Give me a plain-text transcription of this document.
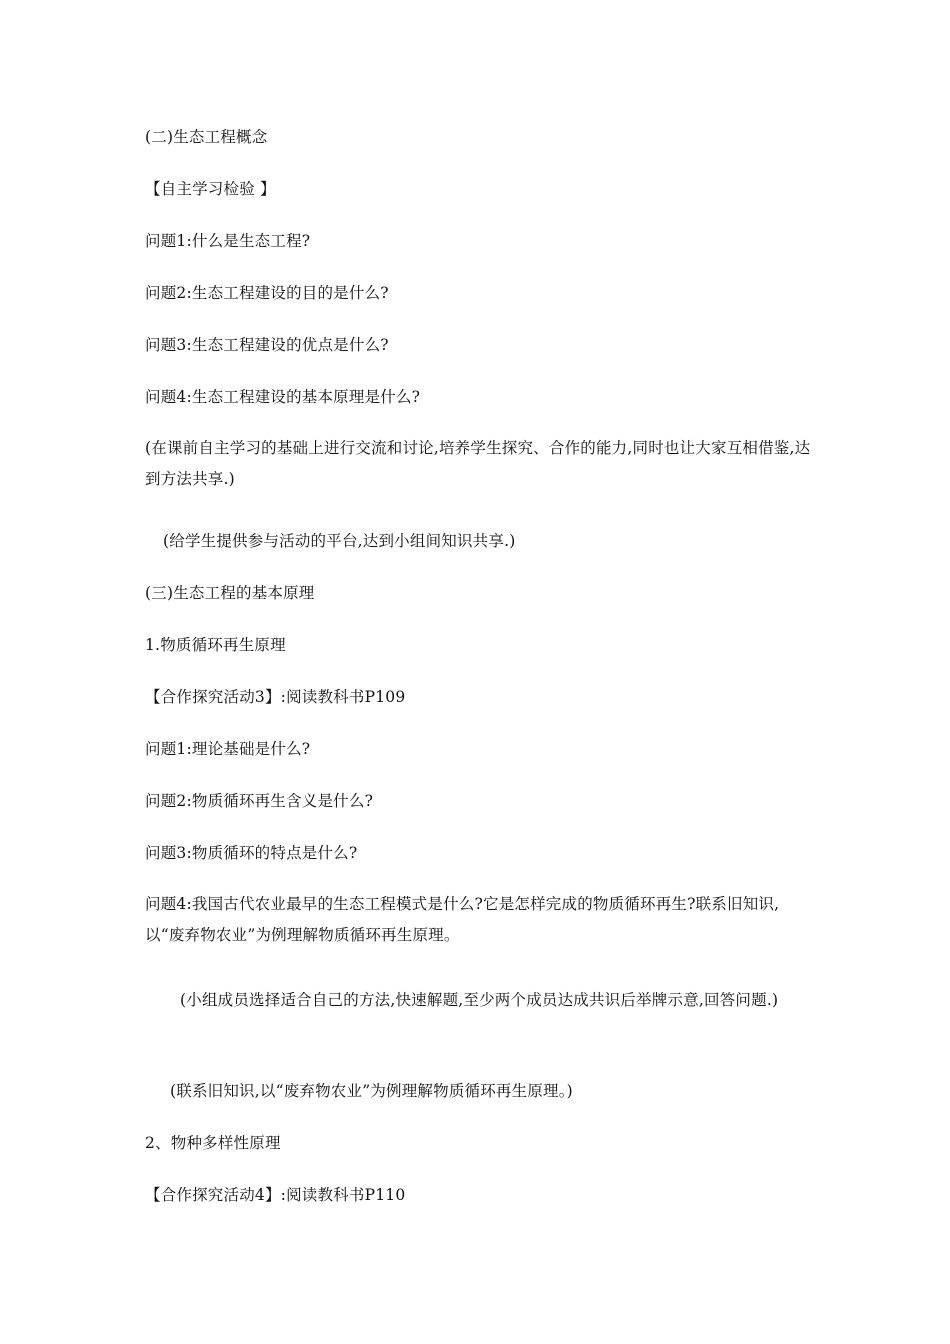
(二)生态工程概念
【自主学习检验 】
问题1:什么是生态工程?
问题2:生态工程建设的目的是什么?
问题3:生态工程建设的优点是什么?
问题4:生态工程建设的基本原理是什么?
(在课前自主学习的基础上进行交流和讨论,培养学生探究、合作的能力,同时也让大家互相借鉴,达到方法共享.)
(给学生提供参与活动的平台,达到小组间知识共享.)
(三)生态工程的基本原理
1.物质循环再生原理
【合作探究活动3】:阅读教科书P109
问题1:理论基础是什么?
问题2:物质循环再生含义是什么?
问题3:物质循环的特点是什么?
问题4:我国古代农业最早的生态工程模式是什么?它是怎样完成的物质循环再生?联系旧知识,以“废弃物农业”为例理解物质循环再生原理。
(小组成员选择适合自己的方法,快速解题,至少两个成员达成共识后举牌示意,回答问题.)
(联系旧知识,以“废弃物农业”为例理解物质循环再生原理。)
2、物种多样性原理
【合作探究活动4】:阅读教科书P110
